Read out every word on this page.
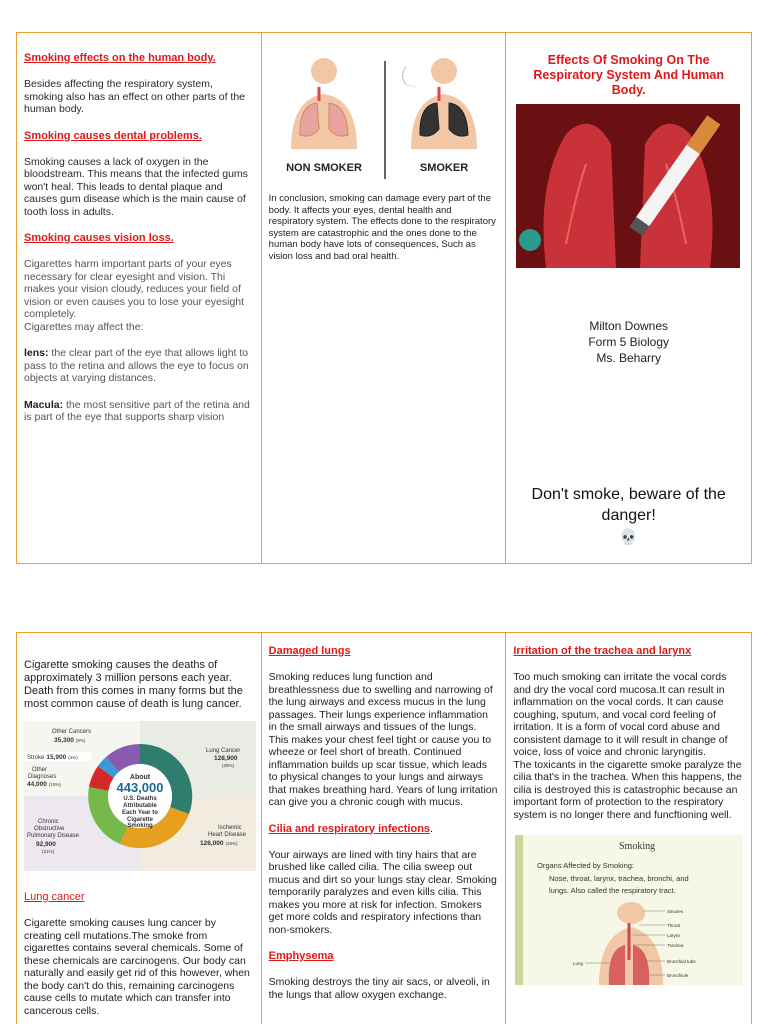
Smoking effects on the human body.

Besides affecting the respiratory system, smoking also has an effect on other parts of the human body.

Smoking causes dental problems.

Smoking causes a lack of oxygen in the bloodstream. This means that the infected gums won't heal. This leads to dental plaque and causes gum disease which is the main cause of tooth loss in adults.

Smoking causes vision loss.

Cigarettes harm important parts of your eyes necessary for clear eyesight and vision. Thi makes your vision cloudy, reduces your field of vision or even causes you to lose your eyesight completely.

Cigarettes may affect the:

lens: the clear part of the eye that allows light to pass to the retina and allows the eye to focus on objects at varying distances.

Macula: the most sensitive part of the retina and is part of the eye that supports sharp vision

NON SMOKER	SMOKER

In conclusion, smoking can damage every part of the body. It affects your eyes, dental health and respiratory system. The effects done to the respiratory system are catastrophic and the ones done to the human body have lots of consequences, Such as vision loss and bad oral health.

Effects Of Smoking On The Respiratory System And Human Body.
Milton Downes
Form 5 Biology
Ms. Beharry
Don't smoke, beware of the danger!
💀

Cigarette smoking causes the deaths of approximately 3 million persons each year. Death from this comes in many forms but the most common cause of death is lung cancer.

About
443,000
U.S. Deaths
Attributable
Each Year to
Cigarette
Smoking
Other Cancers
35,300 (8%)
Stroke 15,900 (4%)
Other
Diagnoses
44,000 (10%)
Chronic
Obstructive
Pulmonary Disease
92,900
(21%)
Lung Cancer
128,900
(29%)
Ischemic
Heart Disease
126,000 (28%)
Lung cancer

Cigarette smoking causes lung cancer by creating cell mutations.The smoke from cigarettes contains several chemicals. Some of these chemicals are carcinogens. Our body can naturally and easily get rid of this however, when the body can't do this, remaining carcinogens cause cells to mutate which can transfer into cancerous cells.

Damaged lungs

Smoking reduces lung function and breathlessness due to swelling and narrowing of the lung airways and excess mucus in the lung passages. Their lungs experience inflammation in the small airways and tissues of the lungs. This makes your chest feel tight or cause you to wheeze or feel short of breath. Continued inflammation builds up scar tissue, which leads to physical changes to your lungs and airways that makes breathing hard. Years of lung irritation can give you a chronic cough with mucus.

Cilia and respiratory infections.

Your airways are lined with tiny hairs that are brushed like called cilia. The cilia sweep out mucus and dirt so your lungs stay clear. Smoking temporarily paralyzes and even kills cilia. This makes you more at risk for infection. Smokers get more colds and respiratory infections than non-smokers.

Emphysema

Smoking destroys the tiny air sacs, or alveoli, in the lungs that allow oxygen exchange.

Irritation of the trachea and larynx

Too much smoking can irritate the vocal cords and dry the vocal cord mucosa.It can result in inflammation on the vocal cords. It can cause coughing, sputum, and vocal cord feeling of irritation. It is a form of vocal cord abuse and consistent damage to it will result in change of voice, loss of voice and chronic laryngitis.

The toxicants in the cigarette smoke paralyze the cilia that's in the trachea. When this happens, the cilia is destroyed this is catastrophic because an important form of protection to the respiratory system is no longer there and funcftioning well.

Smoking
Organs Affected by Smoking:
Nose, throat, larynx, trachea, bronchi, and
lungs. Also called the respiratory tract.
Sinuses
Throat
Larynx
Trachea
Bronchial tube
Bronchiole
Lung
